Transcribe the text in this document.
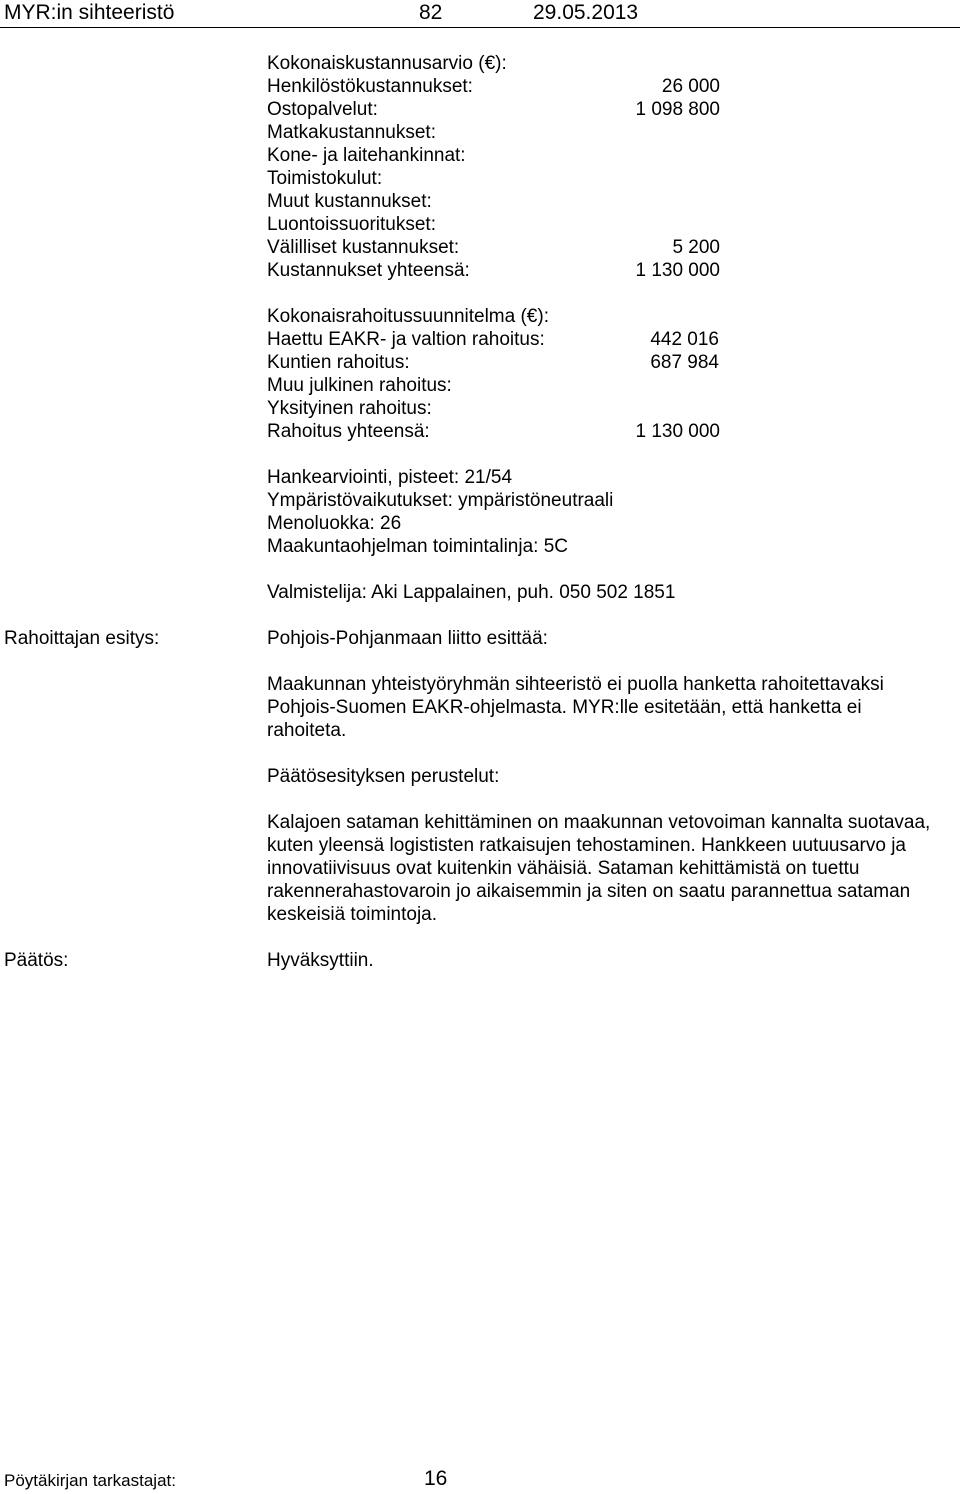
MYR:in sihteeristö	82	29.05.2013
Kokonaiskustannusarvio (€):
Henkilöstökustannukset:	26 000
Ostopalvelut:	1 098 800
Matkakustannukset:
Kone- ja laitehankinnat:
Toimistokulut:
Muut kustannukset:
Luontoissuoritukset:
Välilliset kustannukset:	5 200
Kustannukset yhteensä:	1 130 000
Kokonaisrahoitussuunnitelma (€):
Haettu EAKR- ja valtion rahoitus:	442 016
Kuntien rahoitus:	687 984
Muu julkinen rahoitus:
Yksityinen rahoitus:
Rahoitus yhteensä:	1 130 000
Hankearviointi, pisteet: 21/54
Ympäristövaikutukset: ympäristöneutraali
Menoluokka: 26
Maakuntaohjelman toimintalinja: 5C
Valmistelija: Aki Lappalainen, puh. 050 502 1851
Rahoittajan esitys:	Pohjois-Pohjanmaan liitto esittää:
Maakunnan yhteistyöryhmän sihteeristö ei puolla hanketta rahoitettavaksi Pohjois-Suomen EAKR-ohjelmasta. MYR:lle esitetään, että hanketta ei rahoiteta.
Päätösesityksen perustelut:
Kalajoen sataman kehittäminen on maakunnan vetovoiman kannalta suotavaa, kuten yleensä logististen ratkaisujen tehostaminen. Hankkeen uutuusarvo ja innovatiivisuus ovat kuitenkin vähäisiä. Sataman kehittämistä on tuettu rakennerahastovaroin jo aikaisemmin ja siten on saatu parannettua sataman keskeisiä toimintoja.
Päätös:	Hyväksyttiin.
Pöytäkirjan tarkastajat:	16
